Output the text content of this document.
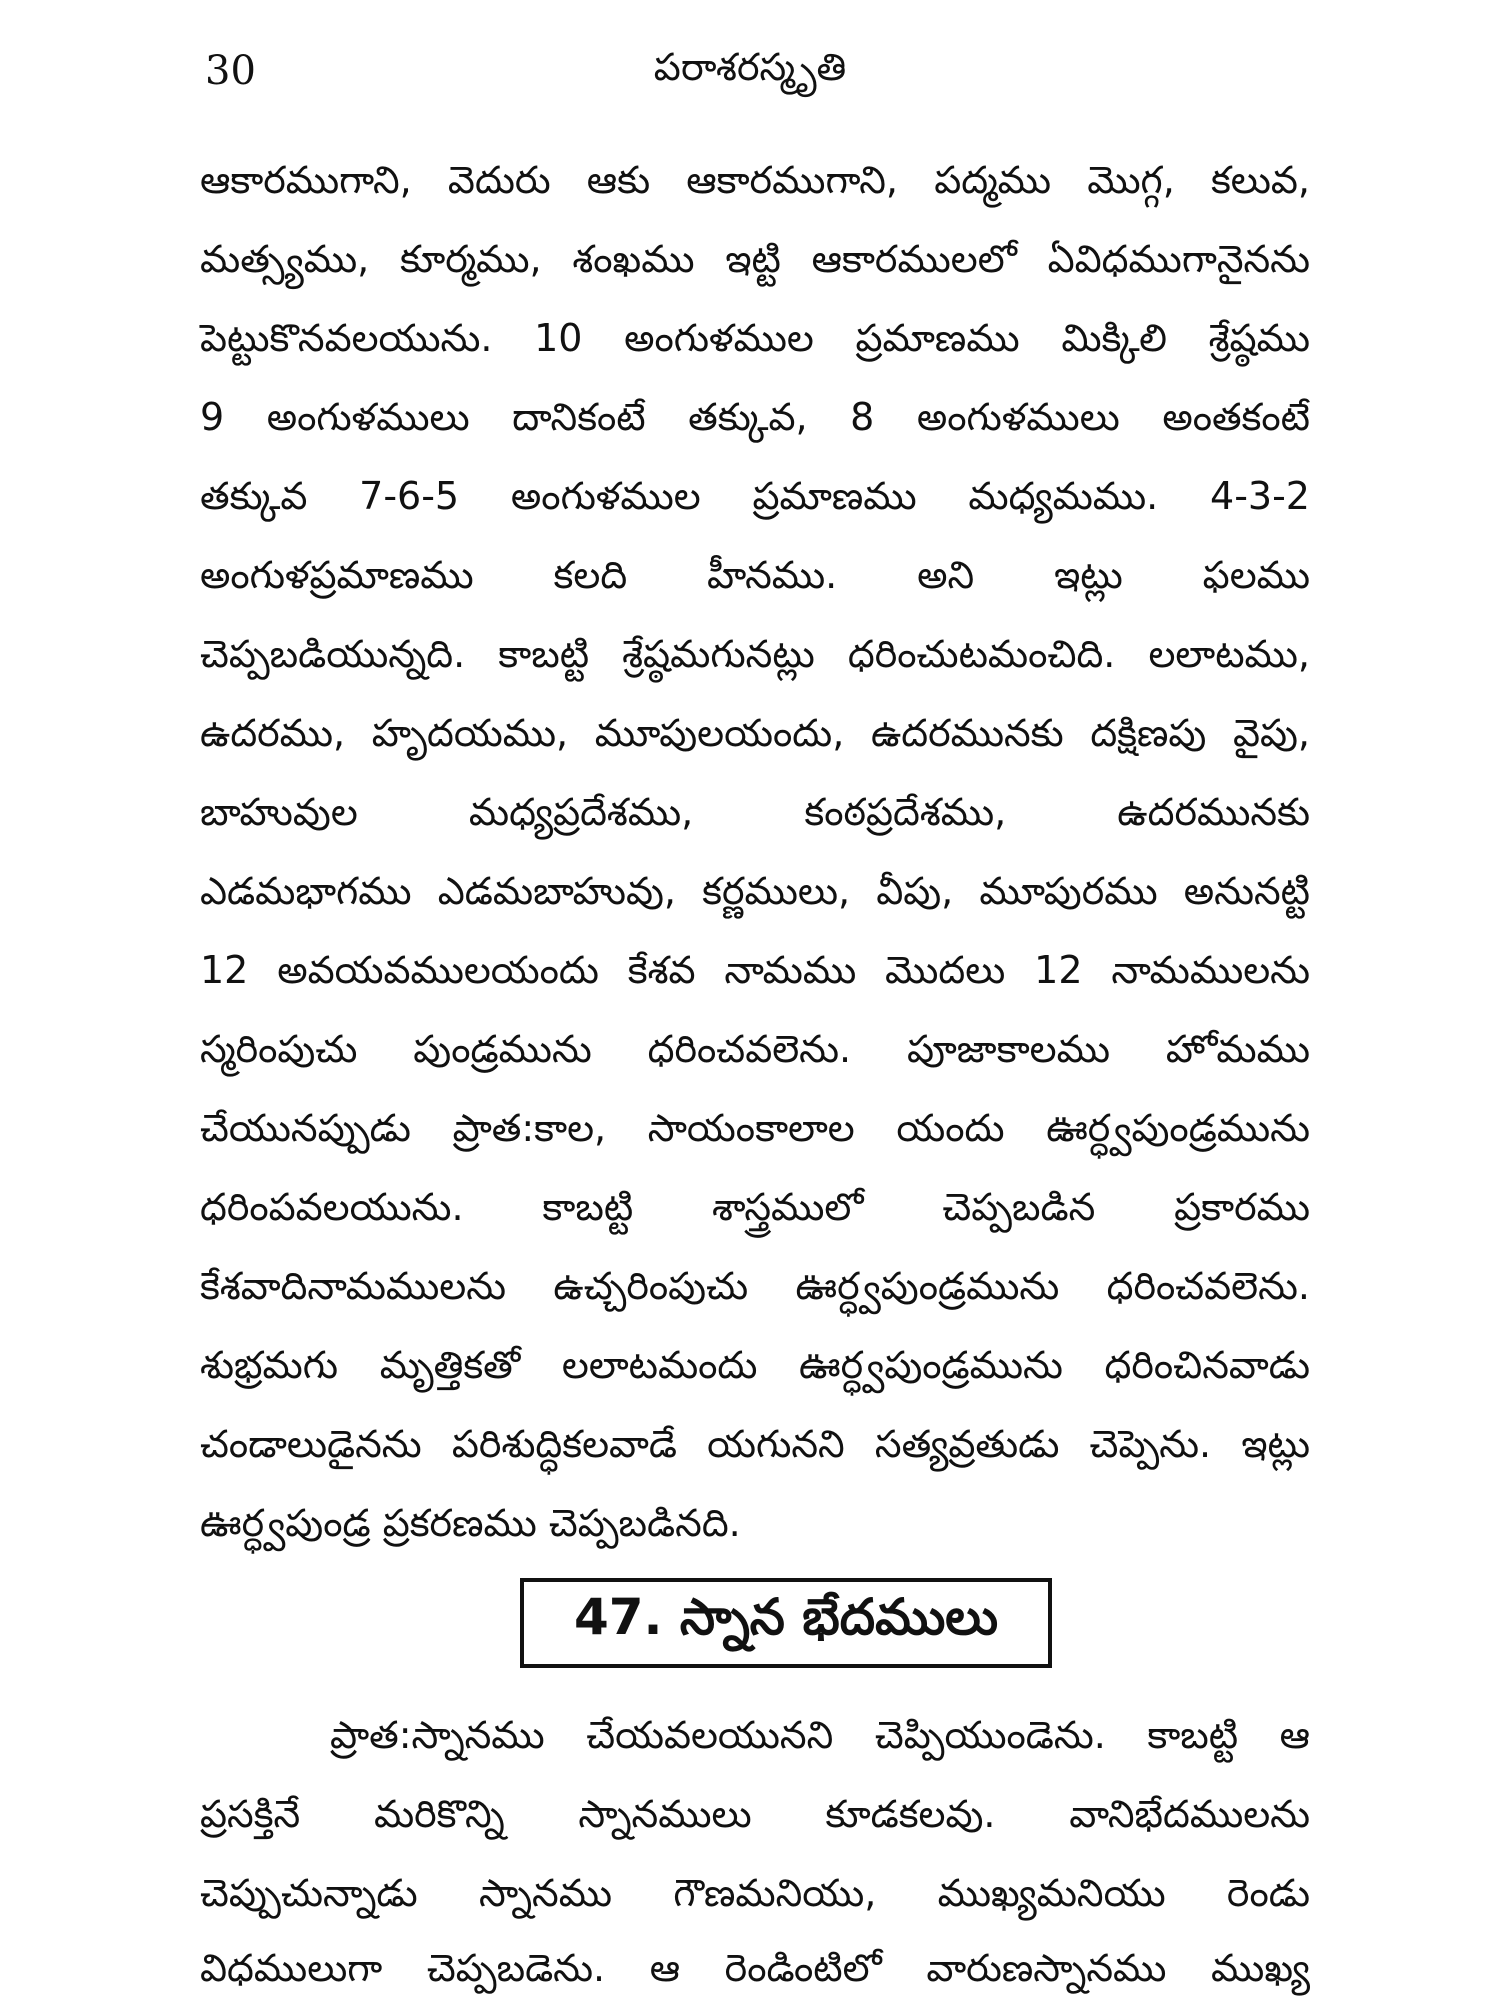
30	పరాశరస్మృతి
ఆకారముగాని, వెదురు ఆకు ఆకారముగాని, పద్మము మొగ్గ, కలువ,
మత్స్యము, కూర్మము, శంఖము ఇట్టి ఆకారములలో ఏవిధముగానైనను
పెట్టుకొనవలయును. 10 అంగుళముల ప్రమాణము మిక్కిలి శ్రేష్ఠము
9 అంగుళములు దానికంటే తక్కువ, 8 అంగుళములు అంతకంటే
తక్కువ 7-6-5 అంగుళముల ప్రమాణము మధ్యమము. 4-3-2
అంగుళప్రమాణము కలది హీనము. అని ఇట్లు ఫలము
చెప్పబడియున్నది. కాబట్టి శ్రేష్ఠమగునట్లు ధరించుటమంచిది. లలాటము,
ఉదరము, హృదయము, మూపులయందు, ఉదరమునకు దక్షిణపు వైపు,
బాహువుల మధ్యప్రదేశము, కంఠప్రదేశము, ఉదరమునకు
ఎడమభాగము ఎడమబాహువు, కర్ణములు, వీపు, మూపురము అనునట్టి
12 అవయవములయందు కేశవ నామము మొదలు 12 నామములను
స్మరింపుచు పుండ్రమును ధరించవలెను. పూజాకాలము హోమము
చేయునప్పుడు ప్రాత:కాల, సాయంకాలాల యందు ఊర్ధ్వపుండ్రమును
ధరింపవలయును. కాబట్టి శాస్త్రములో చెప్పబడిన ప్రకారము
కేశవాదినామములను ఉచ్చరింపుచు ఊర్ధ్వపుండ్రమును ధరించవలెను.
శుభ్రమగు మృత్తికతో లలాటమందు ఊర్ధ్వపుండ్రమును ధరించినవాడు
చండాలుడైనను పరిశుద్ధికలవాడే యగునని సత్యవ్రతుడు చెప్పెను. ఇట్లు
ఊర్ధ్వపుండ్ర ప్రకరణము చెప్పబడినది.
47. స్నాన భేదములు
ప్రాత:స్నానము చేయవలయునని చెప్పియుండెను. కాబట్టి ఆ
ప్రసక్తినే మరికొన్ని స్నానములు కూడకలవు. వానిభేదములను
చెప్పుచున్నాడు స్నానము గౌణమనియు, ముఖ్యమనియు రెండు
విధములుగా చెప్పబడెను. ఆ రెండింటిలో వారుణస్నానము ముఖ్య
